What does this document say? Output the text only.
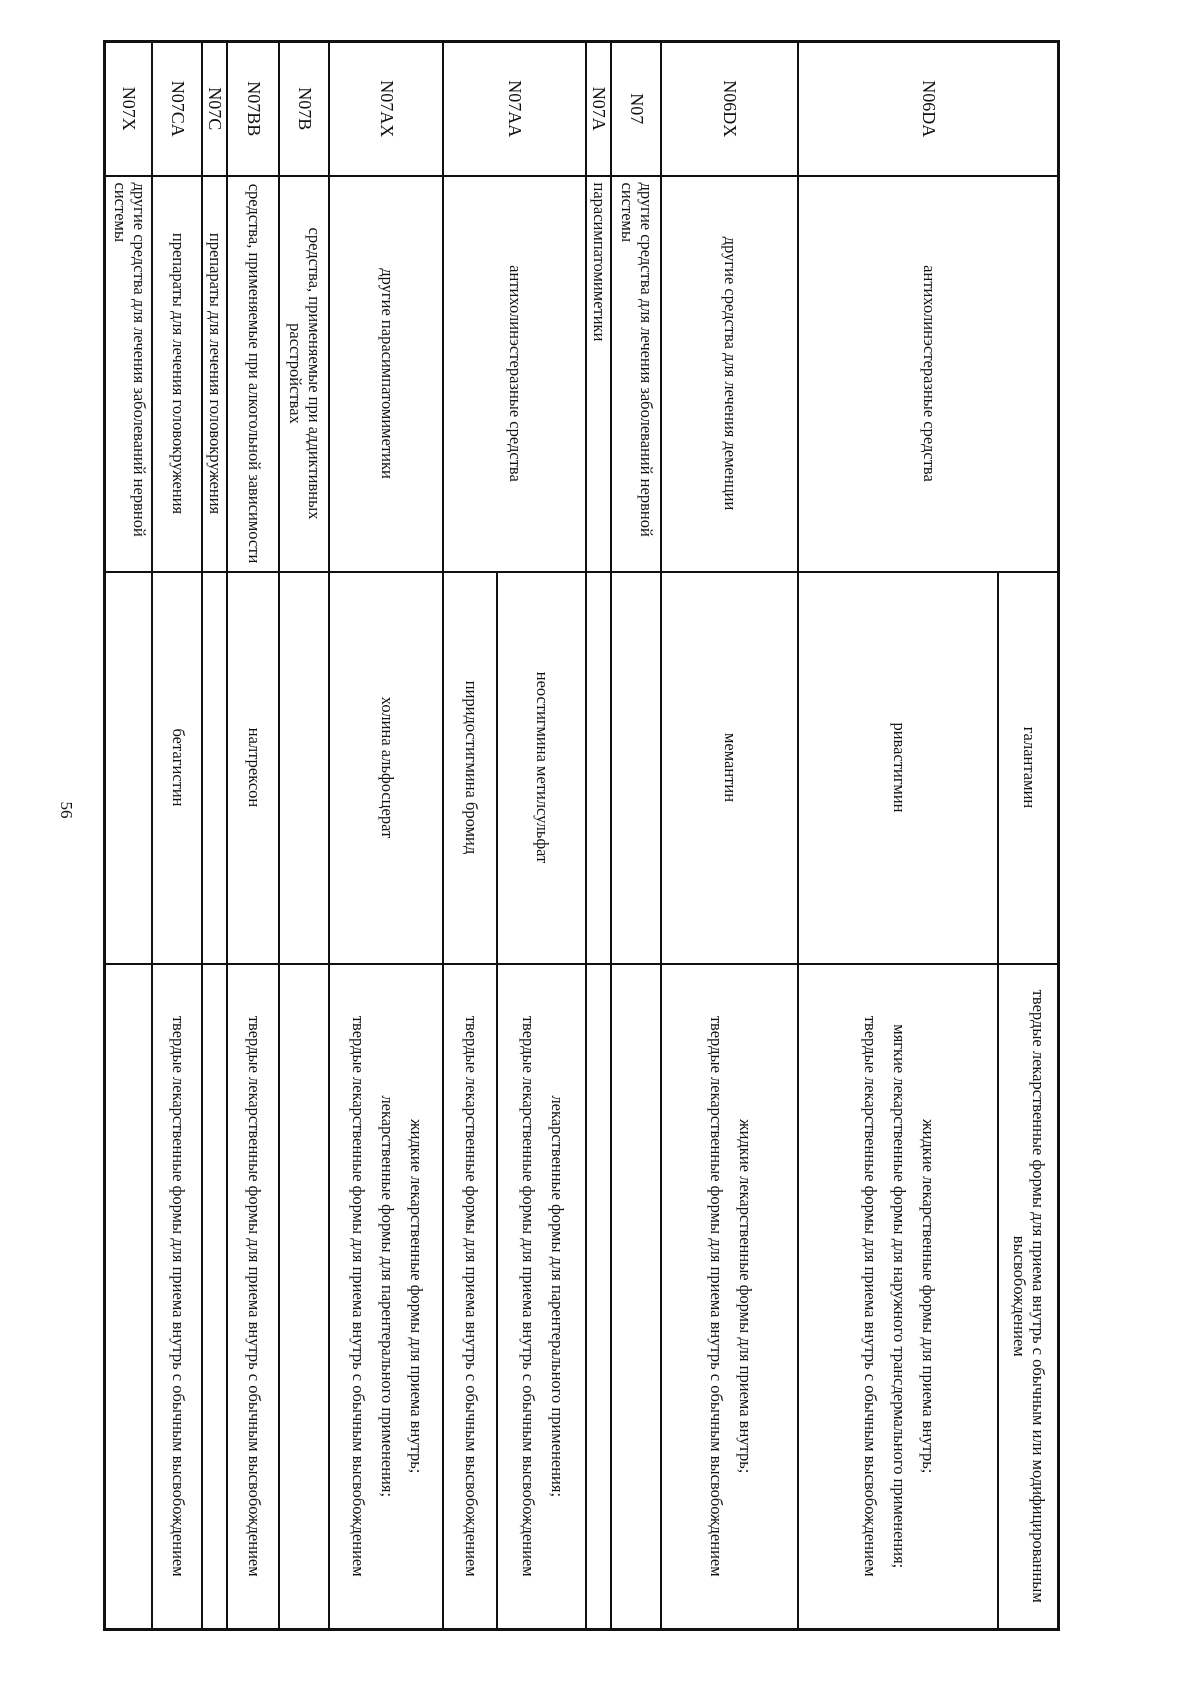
56
N06DA	антихолинэстеразные средства	галантамин	твердые лекарственные формы для приема внутрь с обычным или модифицированным высвобождением

		ривастигмин	жидкие лекарственные формы для приема внутрь;
мягкие лекарственные формы для наружного трансдермального применения;
твердые лекарственные формы для приема внутрь с обычным высвобождением

N06DX	другие средства для лечения деменции	мемантин	жидкие лекарственные формы для приема внутрь;
твердые лекарственные формы для приема внутрь с обычным высвобождением

N07	другие средства для лечения заболеваний нервной системы		
N07A	парасимпатомиметики		
N07AA	антихолинэстеразные средства	неостигмина метилсульфат	лекарственные формы для парентерального применения;
твердые лекарственные формы для приема внутрь с обычным высвобождением

		пиридостигмина бромид	твердые лекарственные формы для приема внутрь с обычным высвобождением

N07AX	другие парасимпатомиметики	холина альфосцерат	жидкие лекарственные формы для приема внутрь;
лекарственные формы для парентерального применения;
твердые лекарственные формы для приема внутрь с обычным высвобождением

N07B	средства, применяемые при аддиктивных расстройствах		
N07BB	средства, применяемые при алкогольной зависимости	налтрексон	твердые лекарственные формы для приема внутрь с обычным высвобождением

N07C	препараты для лечения головокружения		
N07CA	препараты для лечения головокружения	бетагистин	твердые лекарственные формы для приема внутрь с обычным высвобождением

N07X	другие средства для лечения заболеваний нервной системы		
